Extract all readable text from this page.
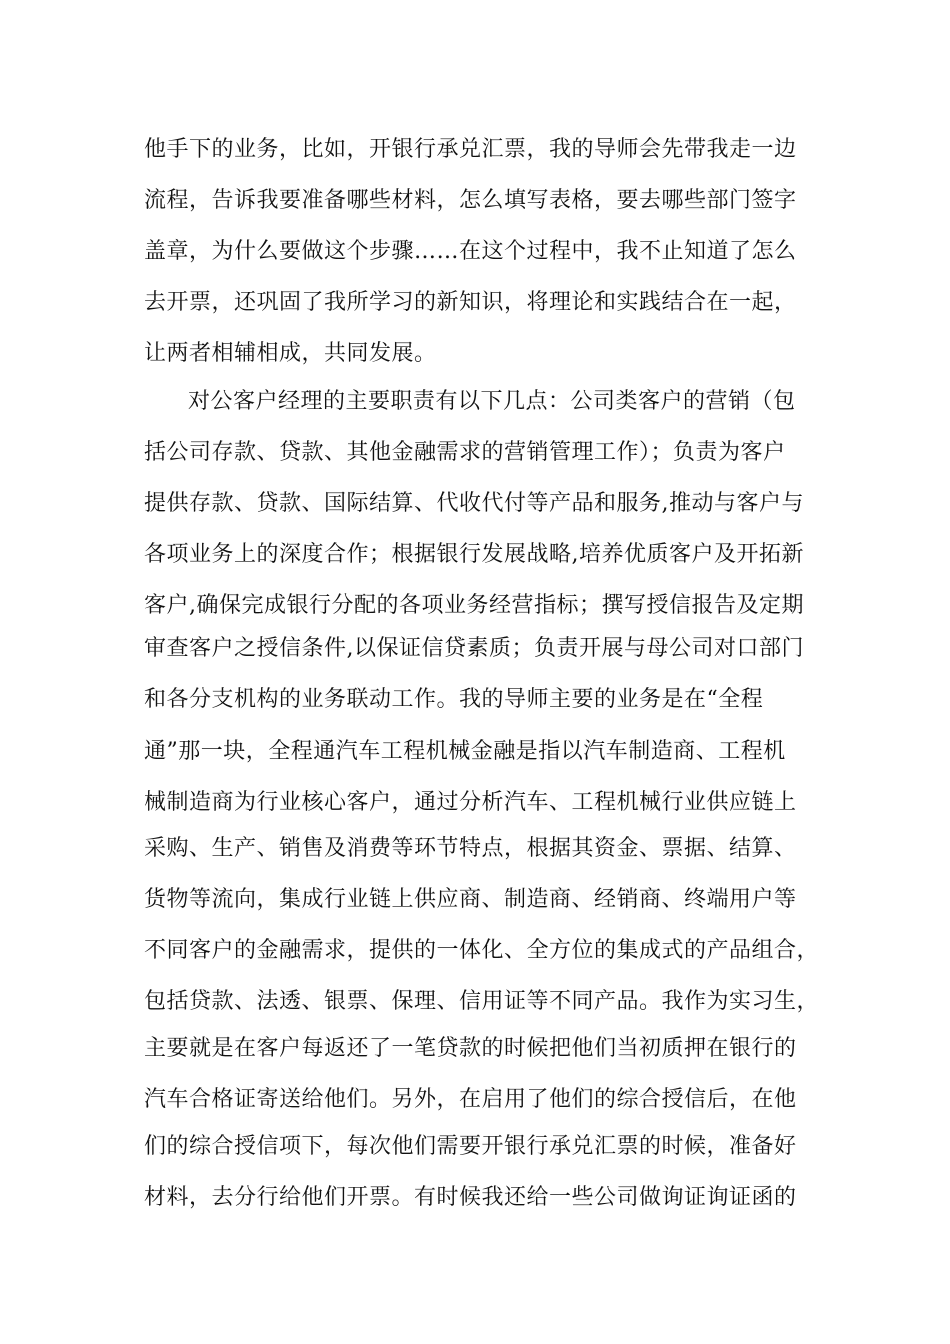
他手下的业务，比如，开银行承兑汇票，我的导师会先带我走一边
流程，告诉我要准备哪些材料，怎么填写表格，要去哪些部门签字
盖章，为什么要做这个步骤……在这个过程中，我不止知道了怎么
去开票，还巩固了我所学习的新知识，将理论和实践结合在一起，
让两者相辅相成，共同发展。
对公客户经理的主要职责有以下几点：公司类客户的营销（包
括公司存款、贷款、其他金融需求的营销管理工作）；负责为客户
提供存款、贷款、国际结算、代收代付等产品和服务,推动与客户与
各项业务上的深度合作；根据银行发展战略,培养优质客户及开拓新
客户,确保完成银行分配的各项业务经营指标；撰写授信报告及定期
审查客户之授信条件,以保证信贷素质；负责开展与母公司对口部门
和各分支机构的业务联动工作。我的导师主要的业务是在“全程
通”那一块，全程通汽车工程机械金融是指以汽车制造商、工程机
械制造商为行业核心客户，通过分析汽车、工程机械行业供应链上
采购、生产、销售及消费等环节特点，根据其资金、票据、结算、
货物等流向，集成行业链上供应商、制造商、经销商、终端用户等
不同客户的金融需求，提供的一体化、全方位的集成式的产品组合，
包括贷款、法透、银票、保理、信用证等不同产品。我作为实习生，
主要就是在客户每返还了一笔贷款的时候把他们当初质押在银行的
汽车合格证寄送给他们。另外，在启用了他们的综合授信后，在他
们的综合授信项下，每次他们需要开银行承兑汇票的时候，准备好
材料，去分行给他们开票。有时候我还给一些公司做询证询证函的
